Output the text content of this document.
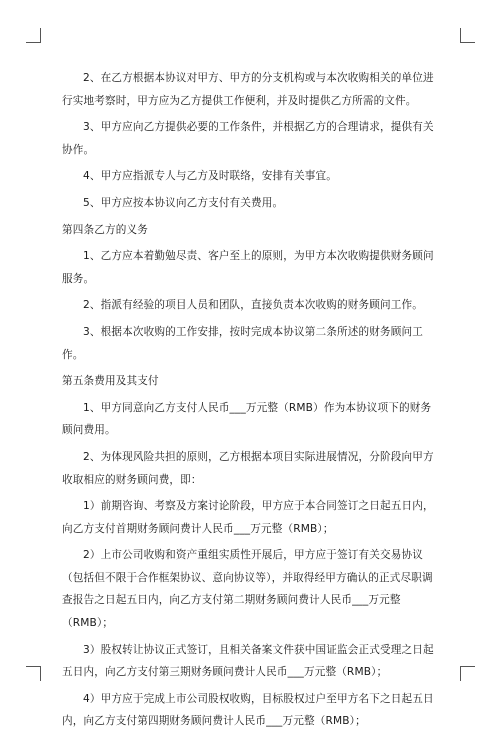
2、在乙方根据本协议对甲方、甲方的分支机构或与本次收购相关的单位进行实地考察时，甲方应为乙方提供工作便利，并及时提供乙方所需的文件。

3、甲方应向乙方提供必要的工作条件，并根据乙方的合理请求，提供有关协作。

4、甲方应指派专人与乙方及时联络，安排有关事宜。

5、甲方应按本协议向乙方支付有关费用。

第四条乙方的义务

1、乙方应本着勤勉尽责、客户至上的原则，为甲方本次收购提供财务顾问服务。

2、指派有经验的项目人员和团队，直接负责本次收购的财务顾问工作。

3、根据本次收购的工作安排，按时完成本协议第二条所述的财务顾问工作。

第五条费用及其支付

1、甲方同意向乙方支付人民币___万元整（RMB）作为本协议项下的财务顾问费用。

2、为体现风险共担的原则，乙方根据本项目实际进展情况，分阶段向甲方收取相应的财务顾问费，即：

1）前期咨询、考察及方案讨论阶段，甲方应于本合同签订之日起五日内，向乙方支付首期财务顾问费计人民币___万元整（RMB）；

2）上市公司收购和资产重组实质性开展后，甲方应于签订有关交易协议（包括但不限于合作框架协议、意向协议等），并取得经甲方确认的正式尽职调查报告之日起五日内，向乙方支付第二期财务顾问费计人民币___万元整（RMB）；

3）股权转让协议正式签订，且相关备案文件获中国证监会正式受理之日起五日内，向乙方支付第三期财务顾问费计人民币___万元整（RMB）；

4）甲方应于完成上市公司股权收购，目标股权过户至甲方名下之日起五日内，向乙方支付第四期财务顾问费计人民币___万元整（RMB）；
